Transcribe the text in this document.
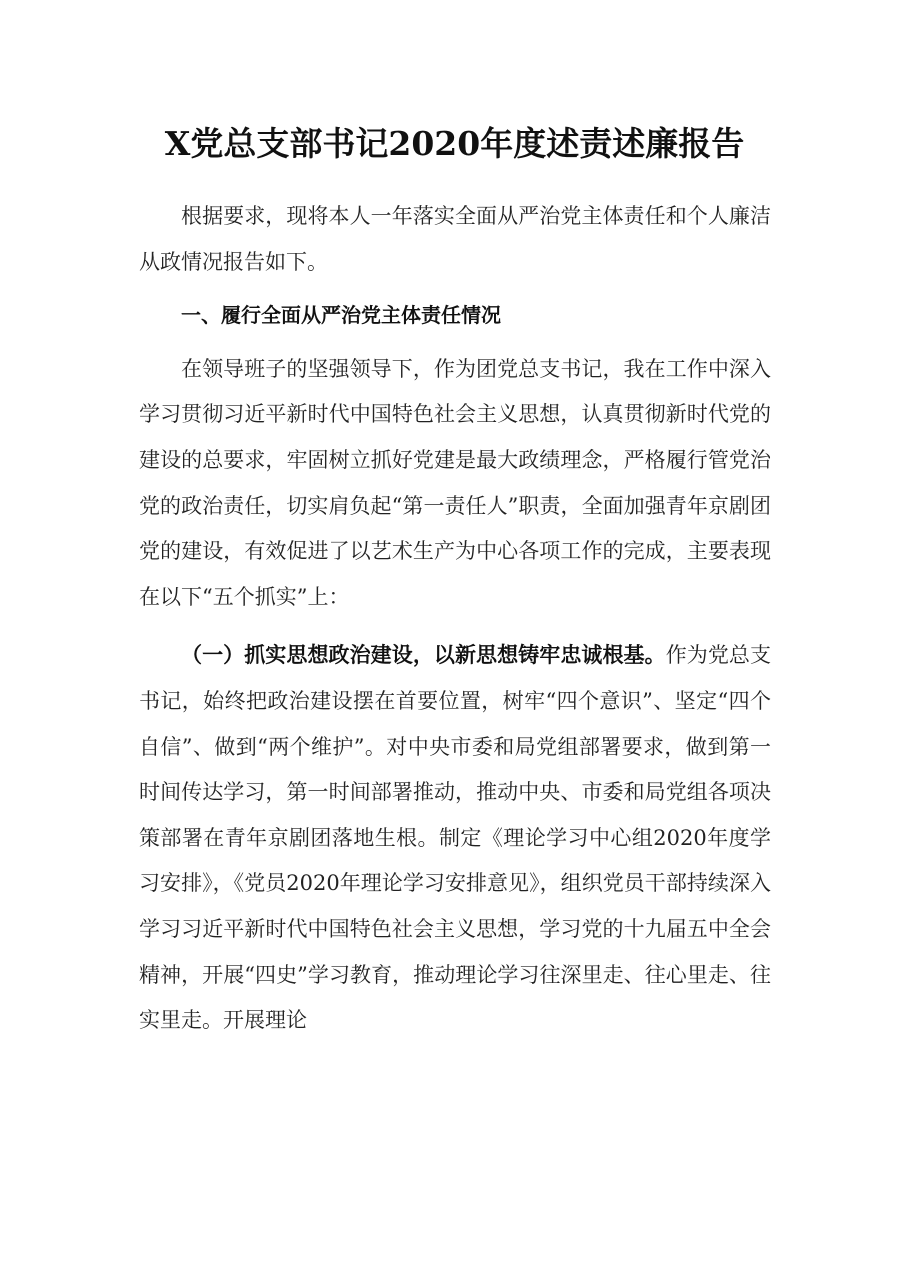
X党总支部书记2020年度述责述廉报告

根据要求，现将本人一年落实全面从严治党主体责任和个人廉洁从政情况报告如下。

一、履行全面从严治党主体责任情况

在领导班子的坚强领导下，作为团党总支书记，我在工作中深入学习贯彻习近平新时代中国特色社会主义思想，认真贯彻新时代党的建设的总要求，牢固树立抓好党建是最大政绩理念，严格履行管党治党的政治责任，切实肩负起“第一责任人”职责，全面加强青年京剧团党的建设，有效促进了以艺术生产为中心各项工作的完成，主要表现在以下“五个抓实”上：

（一）抓实思想政治建设，以新思想铸牢忠诚根基。作为党总支书记，始终把政治建设摆在首要位置，树牢“四个意识”、坚定“四个自信”、做到“两个维护”。对中央市委和局党组部署要求，做到第一时间传达学习，第一时间部署推动，推动中央、市委和局党组各项决策部署在青年京剧团落地生根。制定《理论学习中心组2020年度学习安排》，《党员2020年理论学习安排意见》，组织党员干部持续深入学习习近平新时代中国特色社会主义思想，学习党的十九届五中全会精神，开展“四史”学习教育，推动理论学习往深里走、往心里走、往实里走。开展理论
